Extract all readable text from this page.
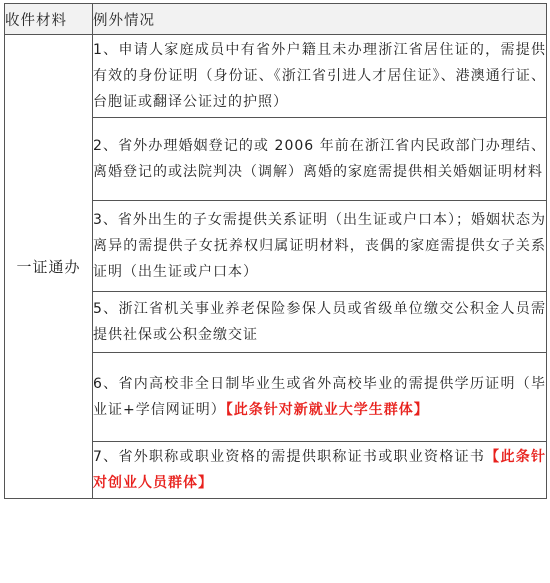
收件材料	例外情况
一证通办	1、申请人家庭成员中有省外户籍且未办理浙江省居住证的，需提供有效的身份证明（身份证、《浙江省引进人才居住证》、港澳通行证、台胞证或翻译公证过的护照）
	2、省外办理婚姻登记的或 2006 年前在浙江省内民政部门办理结、离婚登记的或法院判决（调解）离婚的家庭需提供相关婚姻证明材料
	3、省外出生的子女需提供关系证明（出生证或户口本）；婚姻状态为离异的需提供子女抚养权归属证明材料，丧偶的家庭需提供女子关系证明（出生证或户口本）
	5、浙江省机关事业养老保险参保人员或省级单位缴交公积金人员需提供社保或公积金缴交证
	6、省内高校非全日制毕业生或省外高校毕业的需提供学历证明（毕业证+学信网证明）【此条针对新就业大学生群体】
	7、省外职称或职业资格的需提供职称证书或职业资格证书【此条针对创业人员群体】
